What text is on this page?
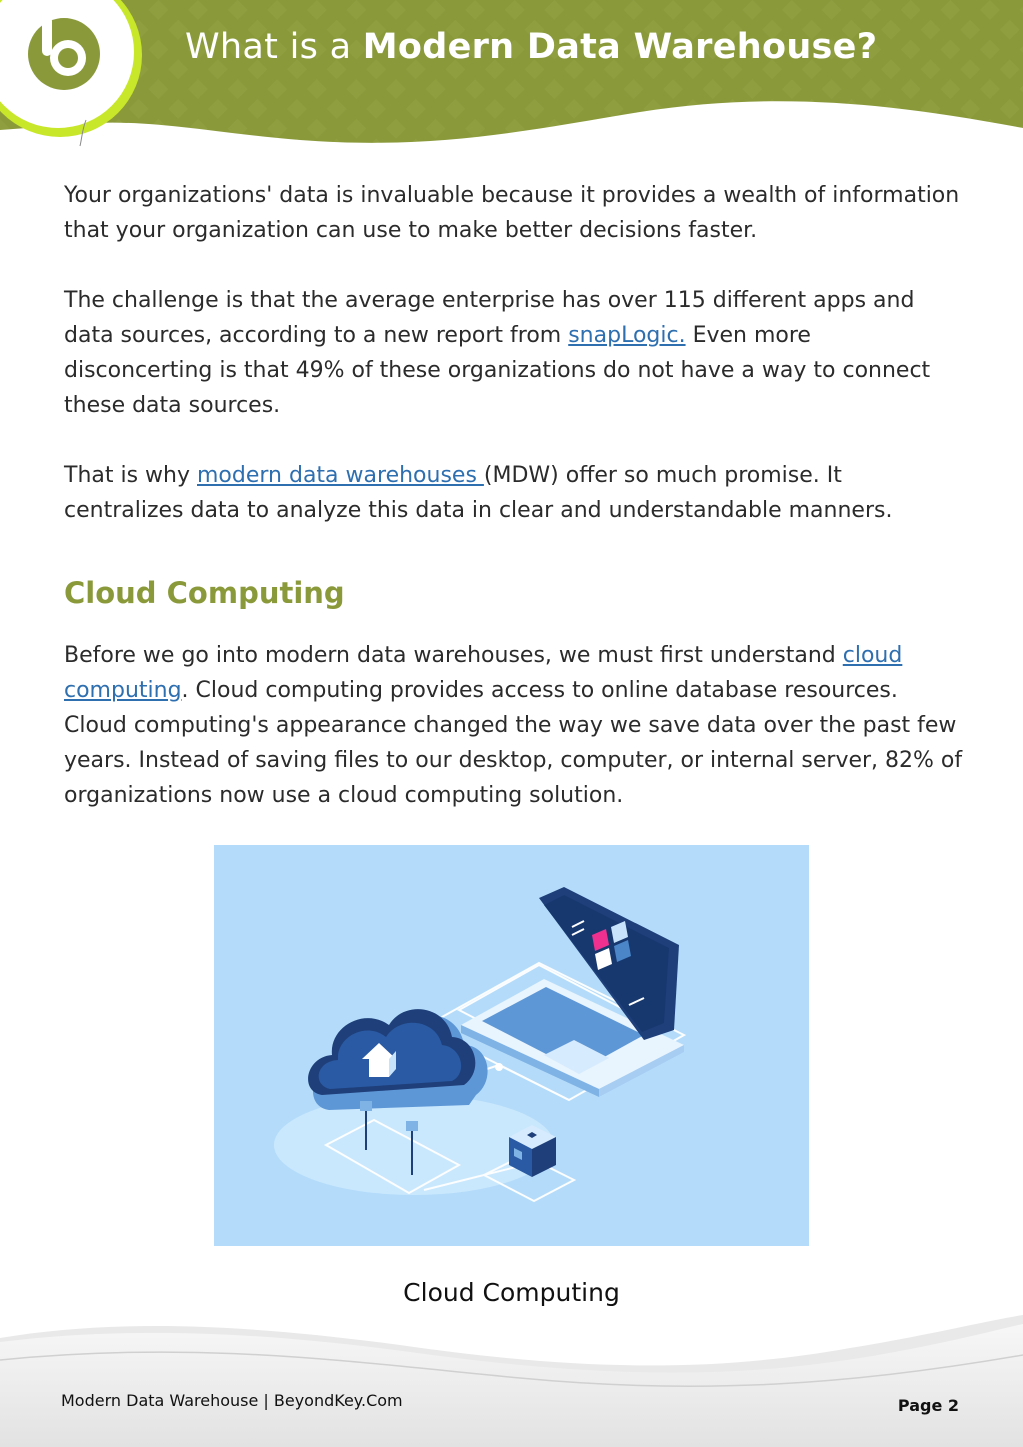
What is a Modern Data Warehouse?

Your organizations' data is invaluable because it provides a wealth of information that your organization can use to make better decisions faster.

The challenge is that the average enterprise has over 115 different apps and data sources, according to a new report from snapLogic. Even more disconcerting is that 49% of these organizations do not have a way to connect these data sources.

That is why modern data warehouses (MDW) offer so much promise. It centralizes data to analyze this data in clear and understandable manners.

Cloud Computing

Before we go into modern data warehouses, we must first understand cloud computing. Cloud computing provides access to online database resources. Cloud computing's appearance changed the way we save data over the past few years. Instead of saving files to our desktop, computer, or internal server, 82% of organizations now use a cloud computing solution.

Cloud Computing
Modern Data Warehouse | BeyondKey.Com	Page 2
